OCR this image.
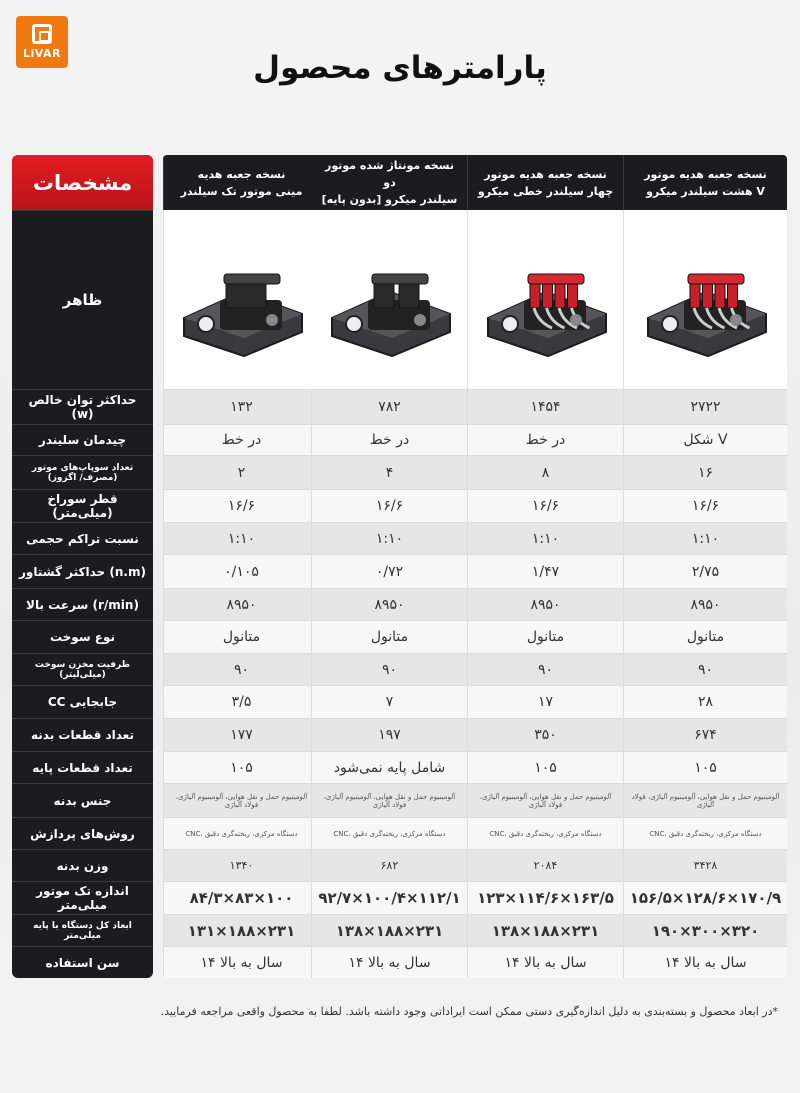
LiVAR	پارامترهای محصول
مشخصات
ظاهر
حداکثر توان خالص (w)
چیدمان سلیندر
تعداد سوپاپ‌های موتور (مصرف/ اگزوز)
قطر سوراخ (میلی‌متر)
نسبت تراکم حجمی
حداکثر گشتاور (n.m)
سرعت بالا (r/min)
نوع سوخت
ظرفیت مخزن سوخت (میلی‌لیتر)
CC جابجایی
تعداد قطعات بدنه
تعداد قطعات پایه
جنس بدنه
روش‌های پردازش
وزن بدنه
اندازه تک موتور میلی‌متر
ابعاد کل دستگاه با پایه میلی‌متر
سن استفاده
نسخه جعبه هدیه موتور
هشت سیلندر میکرو V
نسخه جعبه هدیه موتور
چهار سیلندر خطی میکرو
نسخه مونتاژ شده موتور دو
سیلندر میکرو [بدون پایه]
نسخه جعبه هدیه
مینی موتور تک سیلندر
۲۷۲۲
۱۴۵۴
۷۸۲
۱۳۲
شکل V
در خط
در خط
در خط
۱۶
۸
۴
۲
۱۶/۶
۱۶/۶
۱۶/۶
۱۶/۶
۱:۱۰
۱:۱۰
۱:۱۰
۱:۱۰
۲/۷۵
۱/۴۷
۰/۷۲
۰/۱۰۵
۸۹۵۰
۸۹۵۰
۸۹۵۰
۸۹۵۰
متانول
متانول
متانول
متانول
۹۰
۹۰
۹۰
۹۰
۲۸
۱۷
۷
۳/۵
۶۷۴
۳۵۰
۱۹۷
۱۷۷
۱۰۵
۱۰۵
شامل پایه نمی‌شود
۱۰۵
آلومینیوم حمل و نقل هوایی، آلومینیوم آلیاژی، فولاد آلیاژی
آلومینیوم حمل و نقل هوایی، آلومینیوم آلیاژی، فولاد آلیاژی
آلومینیوم حمل و نقل هوایی، آلومینیوم آلیاژی، فولاد آلیاژی
آلومینیوم حمل و نقل هوایی، آلومینیوم آلیاژی، فولاد آلیاژی
CNC، دستگاه مرکزی، ریخته‌گری دقیق
CNC، دستگاه مرکزی، ریخته‌گری دقیق
CNC، دستگاه مرکزی، ریخته‌گری دقیق
CNC، دستگاه مرکزی، ریخته‌گری دقیق
۳۴۲۸
۲۰۸۴
۶۸۲
۱۳۴۰
۱۵۶/۵×۱۲۸/۶×۱۷۰/۹
۱۲۳×۱۱۴/۶×۱۶۳/۵
۹۲/۷×۱۰۰/۴×۱۱۲/۱
۸۴/۳×۸۳×۱۰۰
۱۹۰×۳۰۰×۳۲۰
۱۳۸×۱۸۸×۲۳۱
۱۳۸×۱۸۸×۲۳۱
۱۳۱×۱۸۸×۲۳۱
۱۴ سال به بالا
۱۴ سال به بالا
۱۴ سال به بالا
۱۴ سال به بالا
*در ابعاد محصول و بسته‌بندی به دلیل اندازه‌گیری دستی ممکن است ایراداتی وجود داشته باشد. لطفا به محصول واقعی مراجعه فرمایید.
